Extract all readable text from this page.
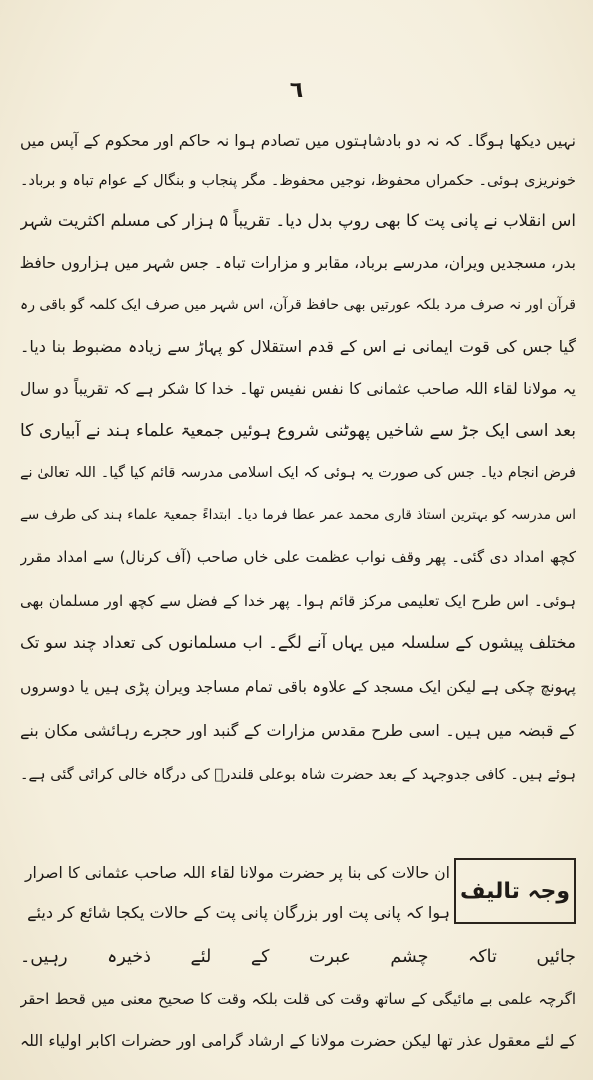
٦
نہیں دیکھا ہوگا۔ کہ نہ دو بادشاہتوں میں تصادم ہوا نہ حاکم اور محکوم کے آپس میں
خونریزی ہوئی۔ حکمراں محفوظ، نوجیں محفوظ۔ مگر پنجاب و بنگال کے عوام تباہ و برباد۔
اس انقلاب نے پانی پت کا بھی روپ بدل دیا۔ تقریباً ۵ ہزار کی مسلم اکثریت شہر
بدر، مسجدیں ویران، مدرسے برباد، مقابر و مزارات تباہ۔ جس شہر میں ہزاروں حافظ
قرآن اور نہ صرف مرد بلکہ عورتیں بھی حافظ قرآن، اس شہر میں صرف ایک کلمہ گو باقی رہ
گیا جس کی قوت ایمانی نے اس کے قدم استقلال کو پہاڑ سے زیادہ مضبوط بنا دیا۔
یہ مولانا لقاء اللہ صاحب عثمانی کا نفس نفیس تھا۔ خدا کا شکر ہے کہ تقریباً دو سال
بعد اسی ایک جڑ سے شاخیں پھوٹنی شروع ہوئیں جمعیۃ علماء ہند نے آبیاری کا
فرض انجام دیا۔ جس کی صورت یہ ہوئی کہ ایک اسلامی مدرسہ قائم کیا گیا۔ اللہ تعالیٰ نے
اس مدرسہ کو بہترین استاذ قاری محمد عمر عطا فرما دیا۔ ابتداءً جمعیۃ علماء ہند کی طرف سے
کچھ امداد دی گئی۔ پھر وقف نواب عظمت علی خاں صاحب (آف کرنال) سے امداد مقرر
ہوئی۔ اس طرح ایک تعلیمی مرکز قائم ہوا۔ پھر خدا کے فضل سے کچھ اور مسلمان بھی
مختلف پیشوں کے سلسلہ میں یہاں آنے لگے۔ اب مسلمانوں کی تعداد چند سو تک
پہونچ چکی ہے لیکن ایک مسجد کے علاوہ باقی تمام مساجد ویران پڑی ہیں یا دوسروں
کے قبضہ میں ہیں۔ اسی طرح مقدس مزارات کے گنبد اور حجرے رہائشی مکان بنے
ہوئے ہیں۔ کافی جدوجہد کے بعد حضرت شاہ بوعلی قلندرؒ کی درگاہ خالی کرائی گئی ہے۔
وجہ تالیف
ان حالات کی بنا پر حضرت مولانا لقاء اللہ صاحب عثمانی کا اصرار
ہوا کہ پانی پت اور بزرگان پانی پت کے حالات یکجا شائع کر دیئے
جائیں تاکہ چشم عبرت کے لئے ذخیرہ رہیں۔
اگرچہ علمی بے مائیگی کے ساتھ وقت کی قلت بلکہ وقت کا صحیح معنی میں قحط احقر
کے لئے معقول عذر تھا لیکن حضرت مولانا کے ارشاد گرامی اور حضرات اکابر اولیاء اللہ
